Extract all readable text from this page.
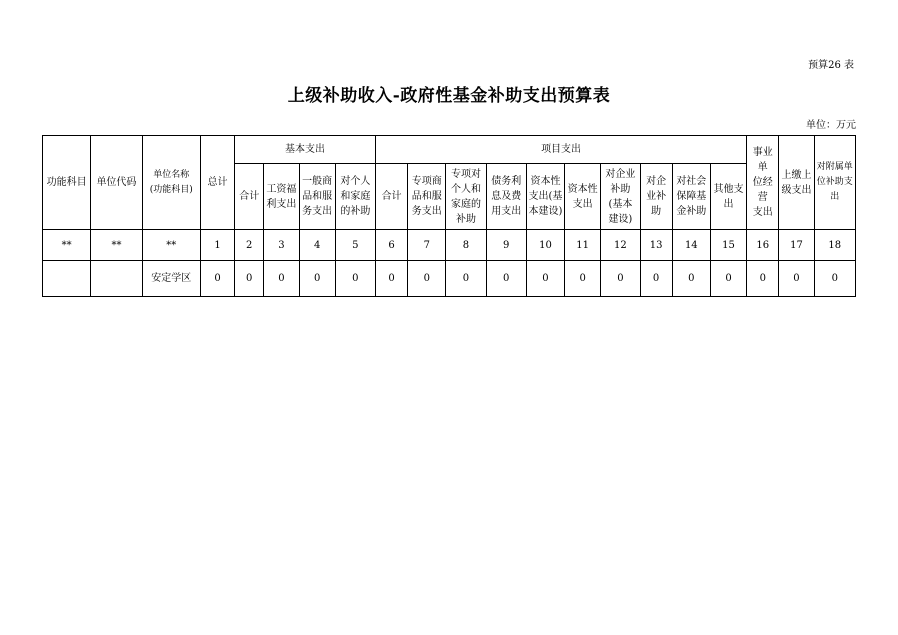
预算26 表
上级补助收入-政府性基金补助支出预算表
单位：万元
功能科目	单位代码	单位名称
(功能科目)	总计	基本支出				项目支出										事业单
位经营
支出	上缴上
级支出	对附属单
位补助支
出
				合计	工资福
利支出	一般商
品和服
务支出	对个人
和家庭
的补助	合计	专项商
品和服
务支出	专项对
个人和
家庭的
补助	债务利
息及费
用支出	资本性
支出(基
本建设)	资本性
支出	对企业
补助
(基本
建设)	对企
业补
助	对社会
保障基
金补助	其他支
出			
**	**	**	1	2	3	4	5	6	7	8	9	10	11	12	13	14	15	16	17	18
		安定学区	0	0	0	0	0	0	0	0	0	0	0	0	0	0	0	0	0	0
